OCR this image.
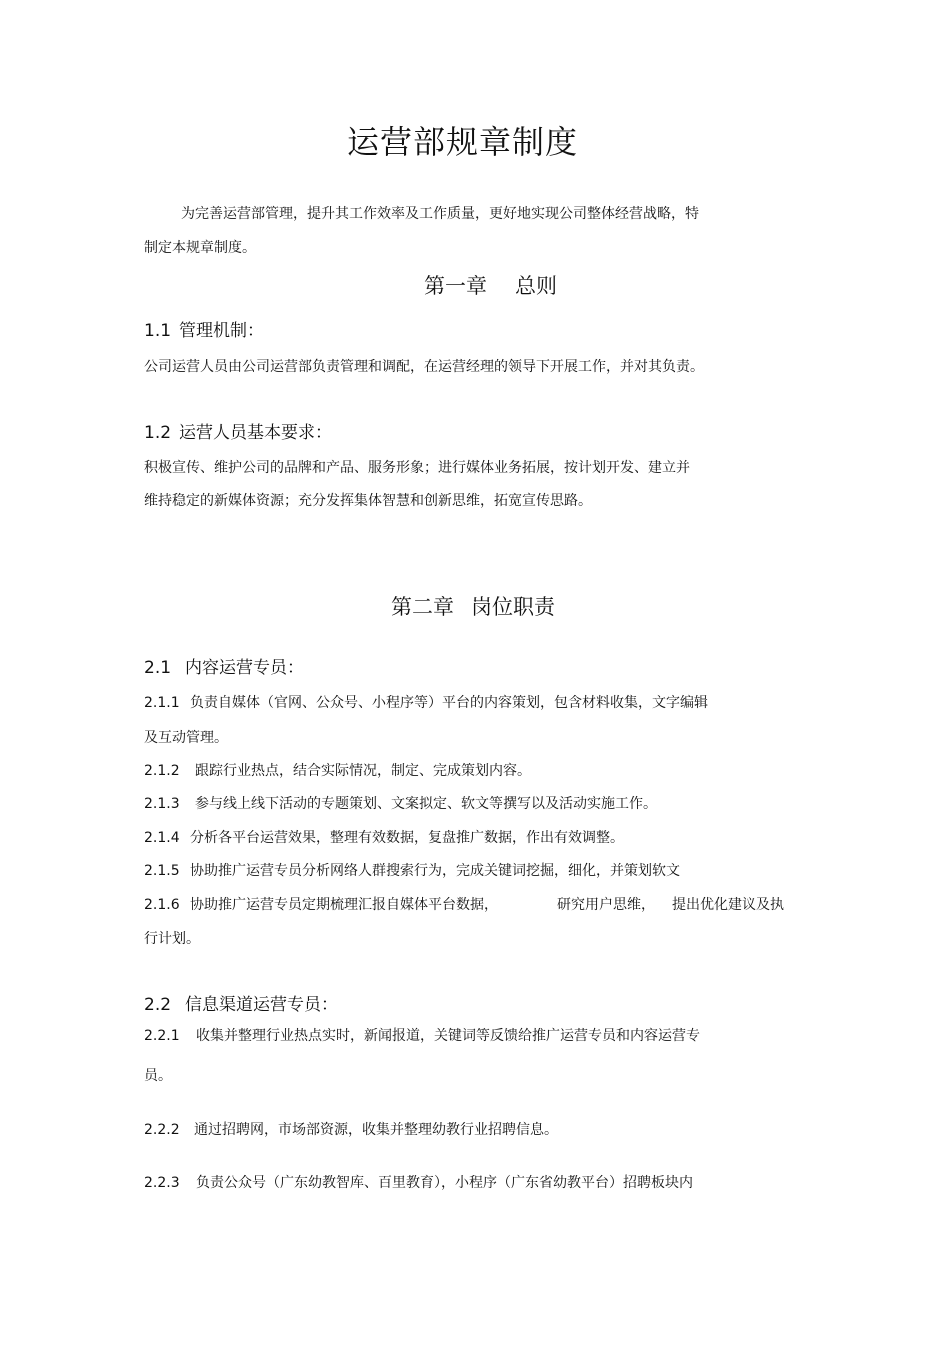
运营部规章制度
为完善运营部管理，提升其工作效率及工作质量，更好地实现公司整体经营战略，特
制定本规章制度。
第一章 总则
1.1 管理机制：
公司运营人员由公司运营部负责管理和调配，在运营经理的领导下开展工作，并对其负责。
1.2 运营人员基本要求：
积极宣传、维护公司的品牌和产品、服务形象；进行媒体业务拓展，按计划开发、建立并
维持稳定的新媒体资源；充分发挥集体智慧和创新思维，拓宽宣传思路。
第二章 岗位职责
2.1 内容运营专员：
2.1.1 负责自媒体（官网、公众号、小程序等）平台的内容策划，包含材料收集，文字编辑
及互动管理。
2.1.2 跟踪行业热点，结合实际情况，制定、完成策划内容。
2.1.3 参与线上线下活动的专题策划、文案拟定、软文等撰写以及活动实施工作。
2.1.4 分析各平台运营效果，整理有效数据，复盘推广数据，作出有效调整。
2.1.5 协助推广运营专员分析网络人群搜索行为，完成关键词挖掘，细化，并策划软文
2.1.6 协助推广运营专员定期梳理汇报自媒体平台数据，	研究用户思维， 提出优化建议及执
行计划。
2.2 信息渠道运营专员：
2.2.1 收集并整理行业热点实时，新闻报道，关键词等反馈给推广运营专员和内容运营专
员。
2.2.2 通过招聘网，市场部资源，收集并整理幼教行业招聘信息。
2.2.3 负责公众号（广东幼教智库、百里教育），小程序（广东省幼教平台）招聘板块内
